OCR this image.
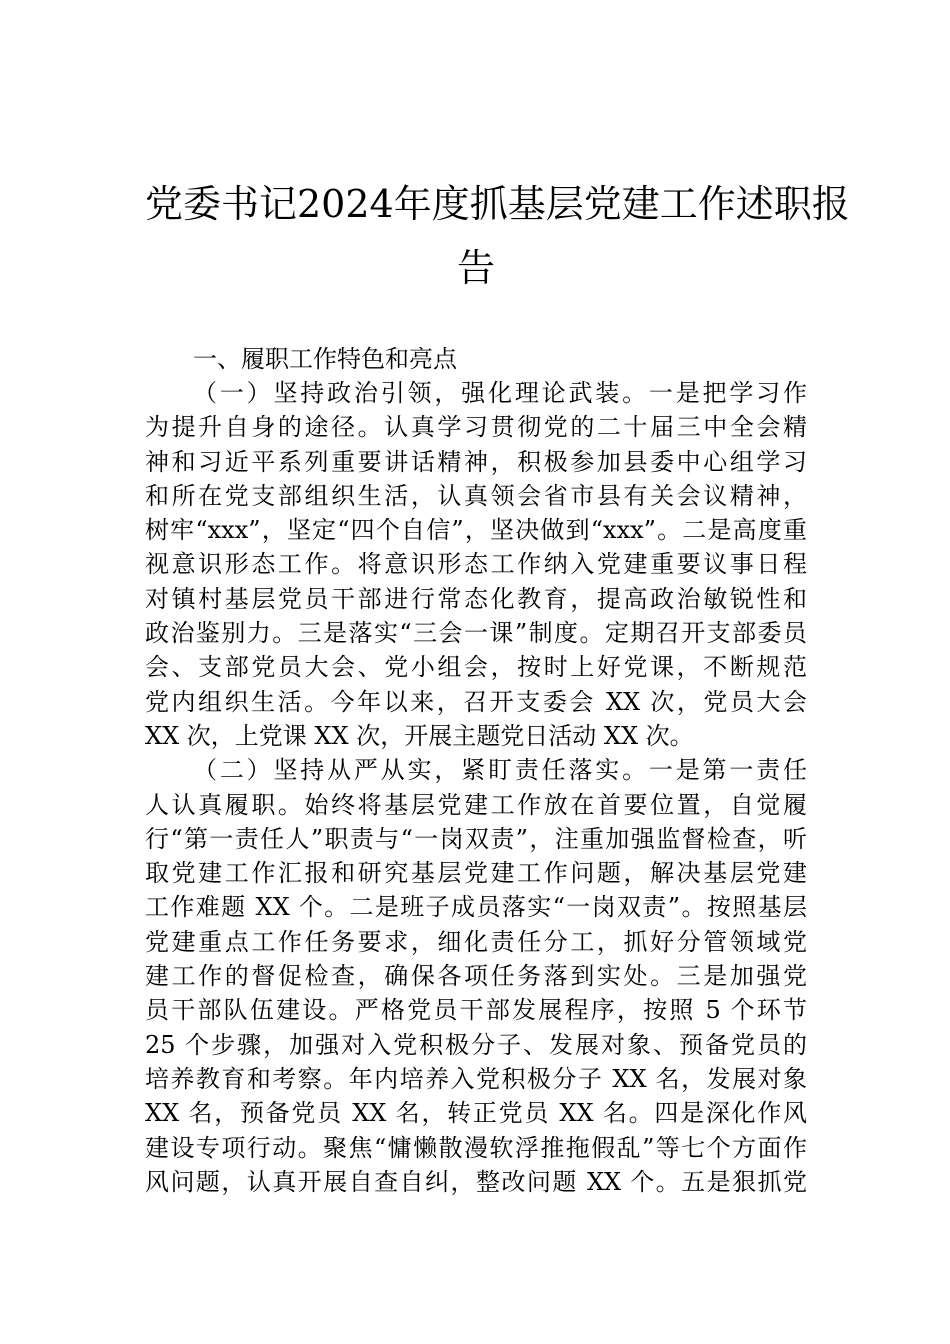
党委书记2024年度抓基层党建工作述职报
告

一、履职工作特色和亮点

（一）坚持政治引领，强化理论武装。一是把学习作
为提升自身的途径。认真学习贯彻党的二十届三中全会精
神和习近平系列重要讲话精神，积极参加县委中心组学习
和所在党支部组织生活，认真领会省市县有关会议精神，
树牢“xxx”，坚定“四个自信”，坚决做到“xxx”。二是高度重
视意识形态工作。将意识形态工作纳入党建重要议事日程
对镇村基层党员干部进行常态化教育，提高政治敏锐性和
政治鉴别力。三是落实“三会一课”制度。定期召开支部委员
会、支部党员大会、党小组会，按时上好党课，不断规范
党内组织生活。今年以来，召开支委会 XX 次，党员大会
XX 次，上党课 XX 次，开展主题党日活动 XX 次。
（二）坚持从严从实，紧盯责任落实。一是第一责任
人认真履职。始终将基层党建工作放在首要位置，自觉履
行“第一责任人”职责与“一岗双责”，注重加强监督检查，听
取党建工作汇报和研究基层党建工作问题，解决基层党建
工作难题 XX 个。二是班子成员落实“一岗双责”。按照基层
党建重点工作任务要求，细化责任分工，抓好分管领域党
建工作的督促检查，确保各项任务落到实处。三是加强党
员干部队伍建设。严格党员干部发展程序，按照 5 个环节
25 个步骤，加强对入党积极分子、发展对象、预备党员的
培养教育和考察。年内培养入党积极分子 XX 名，发展对象
XX 名，预备党员 XX 名，转正党员 XX 名。四是深化作风
建设专项行动。聚焦“慵懒散漫软浮推拖假乱”等七个方面作
风问题，认真开展自查自纠，整改问题 XX 个。五是狠抓党
